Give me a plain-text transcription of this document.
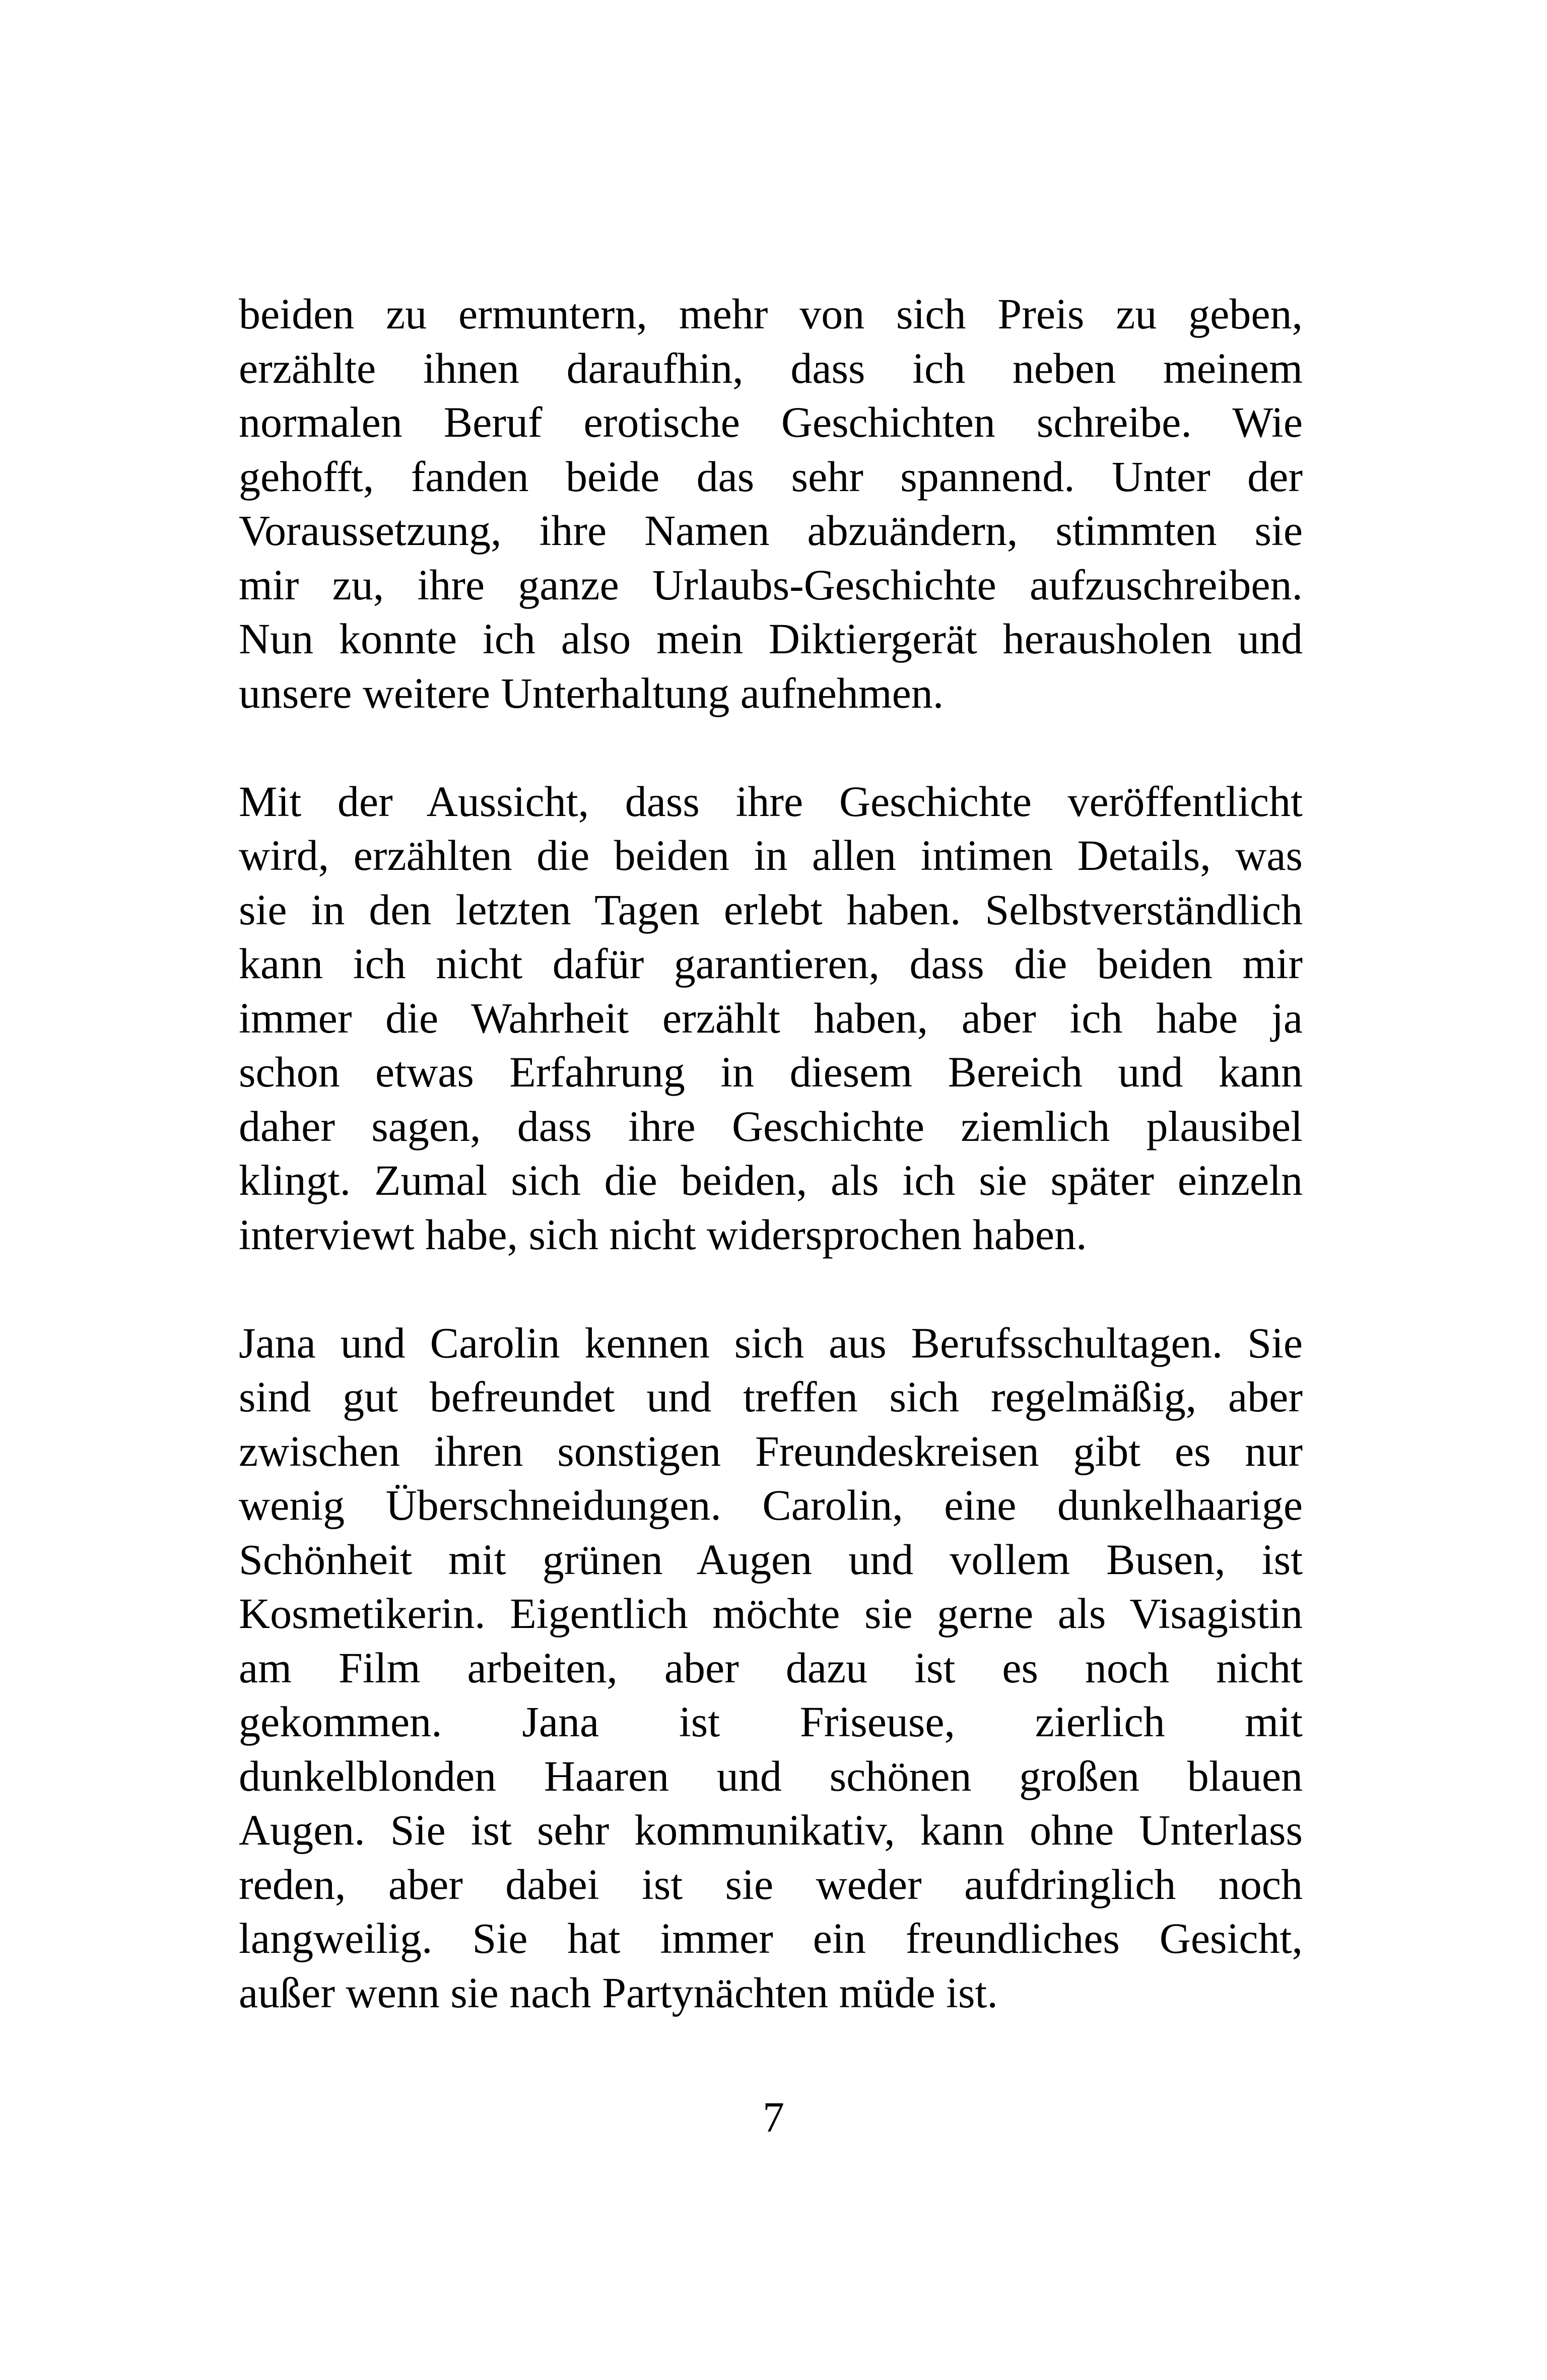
beiden zu ermuntern, mehr von sich Preis zu geben,
erzählte ihnen daraufhin, dass ich neben meinem
normalen Beruf erotische Geschichten schreibe. Wie
gehofft, fanden beide das sehr spannend. Unter der
Voraussetzung, ihre Namen abzuändern, stimmten sie
mir zu, ihre ganze Urlaubs-Geschichte aufzuschreiben.
Nun konnte ich also mein Diktiergerät herausholen und
unsere weitere Unterhaltung aufnehmen.

Mit der Aussicht, dass ihre Geschichte veröffentlicht
wird, erzählten die beiden in allen intimen Details, was
sie in den letzten Tagen erlebt haben. Selbstverständlich
kann ich nicht dafür garantieren, dass die beiden mir
immer die Wahrheit erzählt haben, aber ich habe ja
schon etwas Erfahrung in diesem Bereich und kann
daher sagen, dass ihre Geschichte ziemlich plausibel
klingt. Zumal sich die beiden, als ich sie später einzeln
interviewt habe, sich nicht widersprochen haben.

Jana und Carolin kennen sich aus Berufsschultagen. Sie
sind gut befreundet und treffen sich regelmäßig, aber
zwischen ihren sonstigen Freundeskreisen gibt es nur
wenig Überschneidungen. Carolin, eine dunkelhaarige
Schönheit mit grünen Augen und vollem Busen, ist
Kosmetikerin. Eigentlich möchte sie gerne als Visagistin
am Film arbeiten, aber dazu ist es noch nicht
gekommen. Jana ist Friseuse, zierlich mit
dunkelblonden Haaren und schönen großen blauen
Augen. Sie ist sehr kommunikativ, kann ohne Unterlass
reden, aber dabei ist sie weder aufdringlich noch
langweilig. Sie hat immer ein freundliches Gesicht,
außer wenn sie nach Partynächten müde ist.

7
